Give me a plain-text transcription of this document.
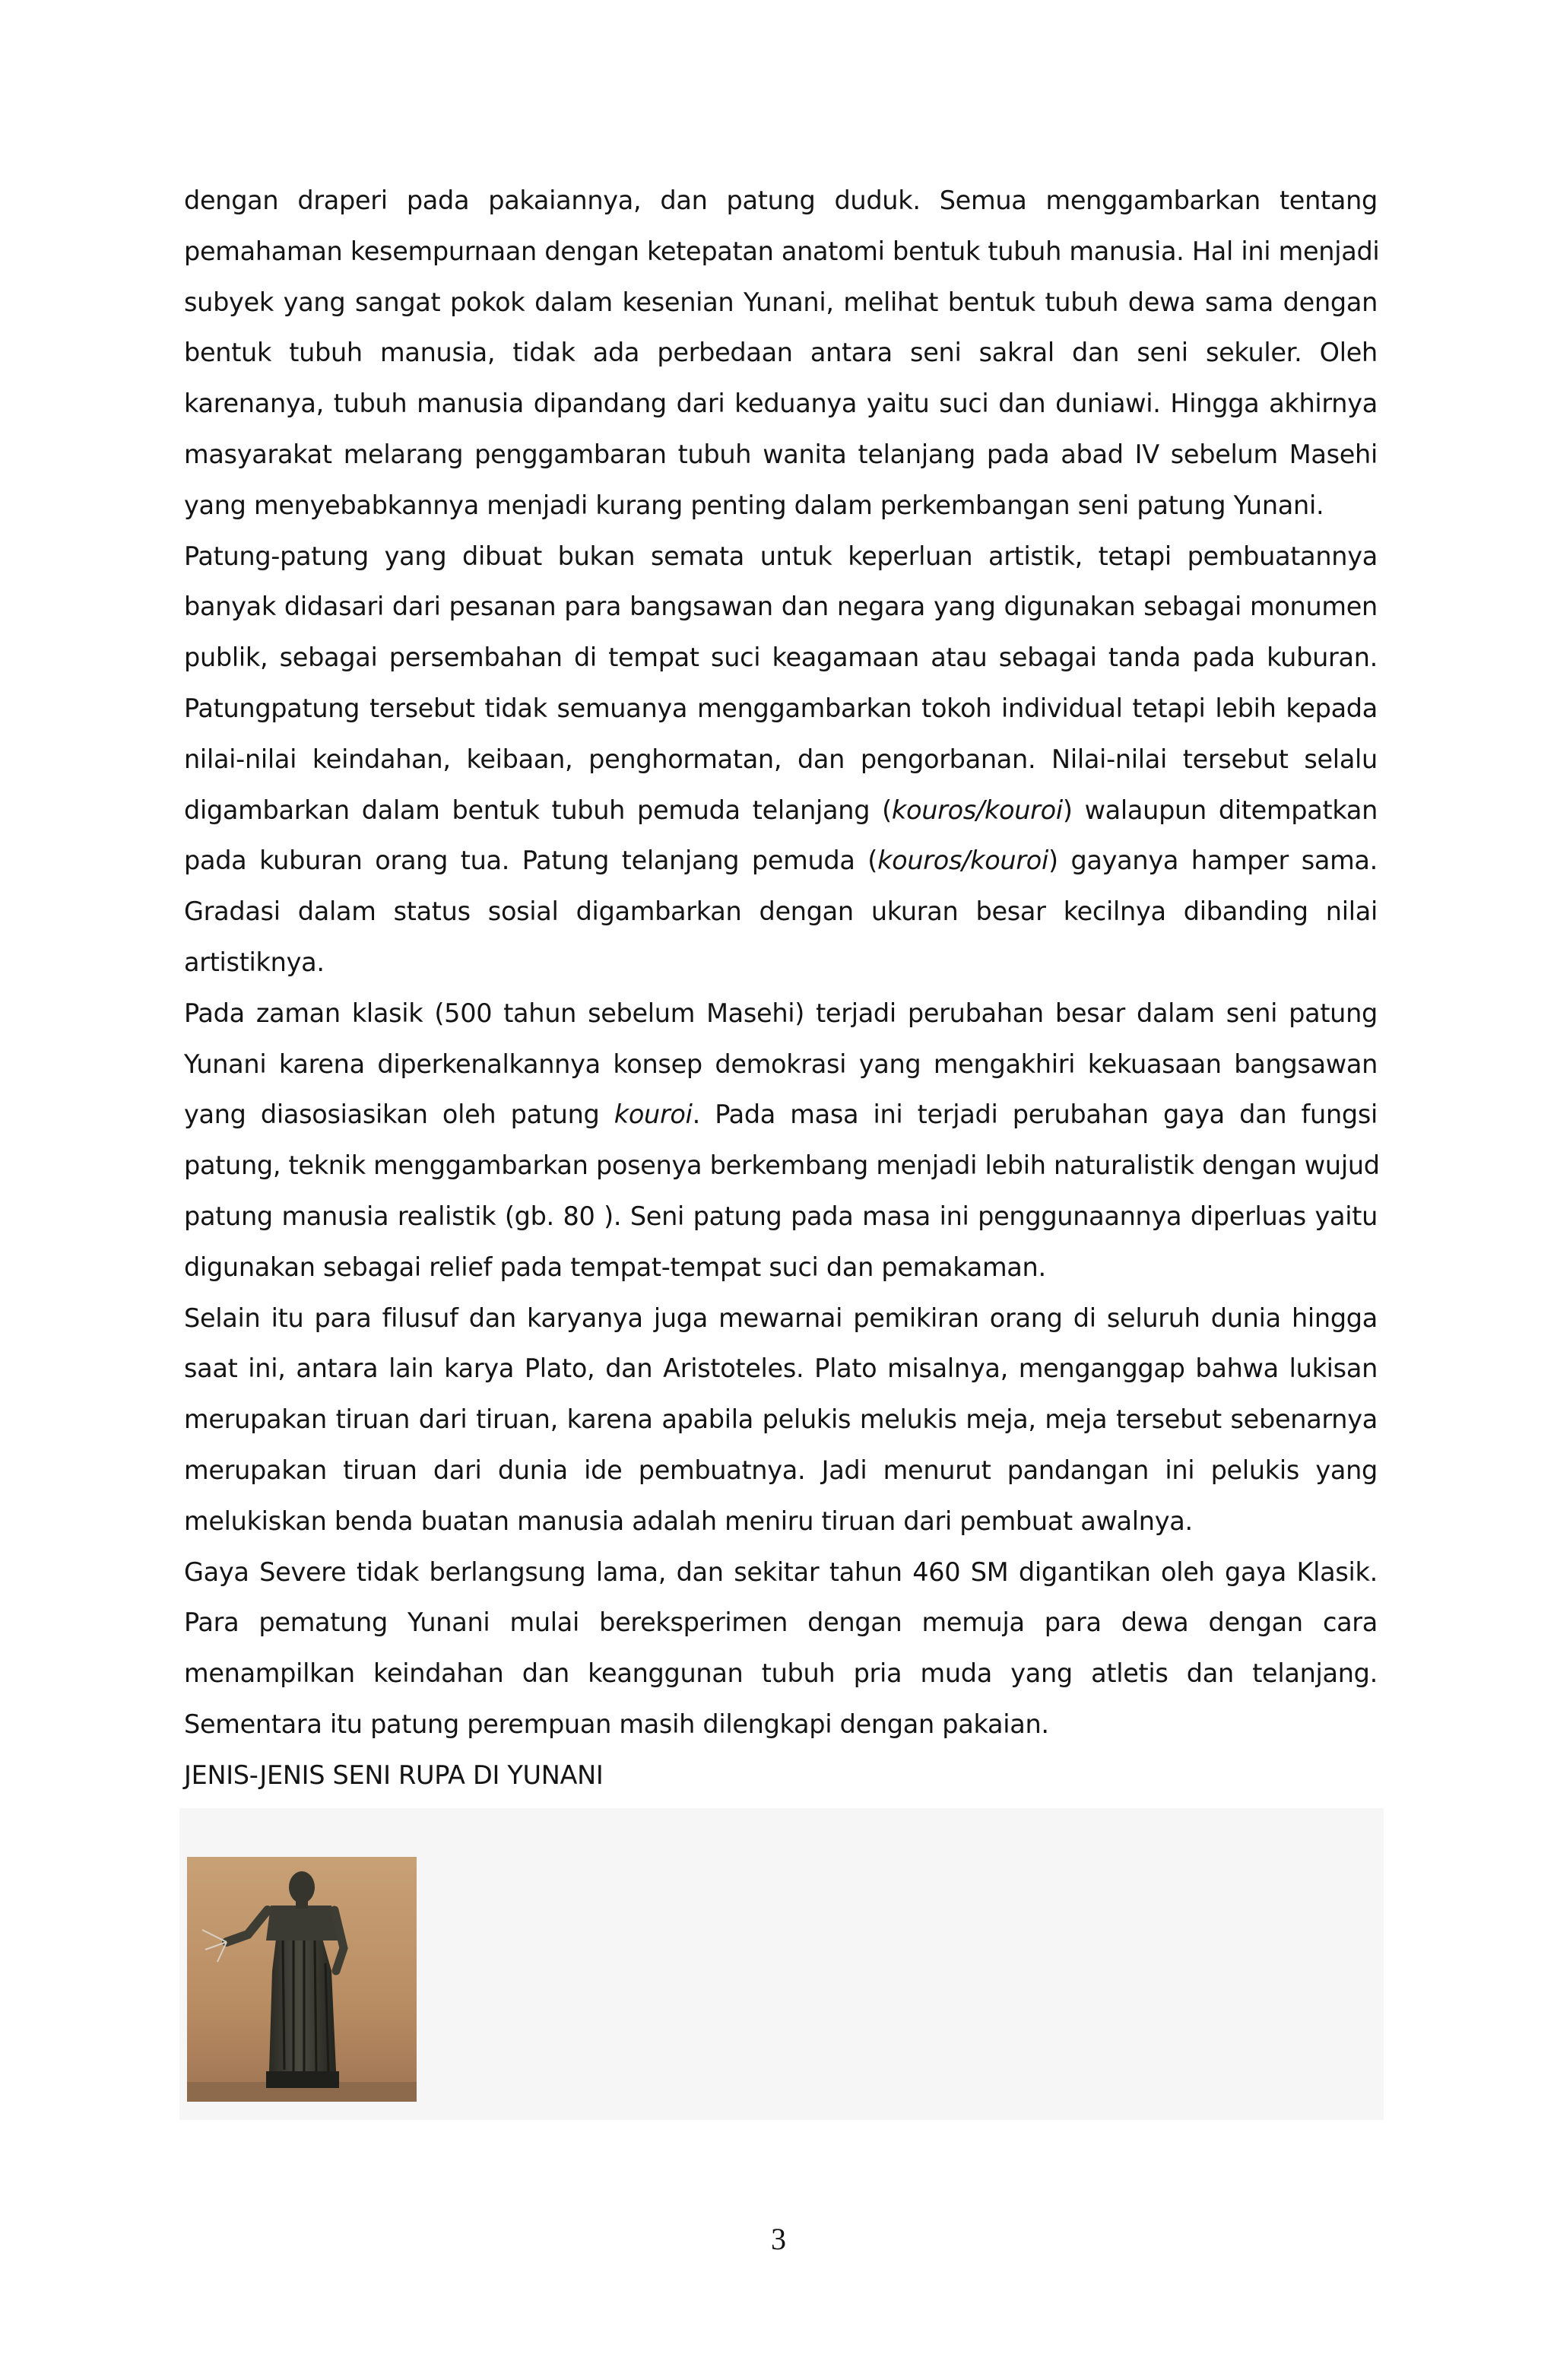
dengan draperi pada pakaiannya, dan patung duduk. Semua menggambarkan tentang
pemahaman kesempurnaan dengan ketepatan anatomi bentuk tubuh manusia. Hal ini menjadi
subyek yang sangat pokok dalam kesenian Yunani, melihat bentuk tubuh dewa sama dengan
bentuk tubuh manusia, tidak ada perbedaan antara seni sakral dan seni sekuler. Oleh
karenanya, tubuh manusia dipandang dari keduanya yaitu suci dan duniawi. Hingga akhirnya
masyarakat melarang penggambaran tubuh wanita telanjang pada abad IV sebelum Masehi
yang menyebabkannya menjadi kurang penting dalam perkembangan seni patung Yunani.
Patung-patung yang dibuat bukan semata untuk keperluan artistik, tetapi pembuatannya
banyak didasari dari pesanan para bangsawan dan negara yang digunakan sebagai monumen
publik, sebagai persembahan di tempat suci keagamaan atau sebagai tanda pada kuburan.
Patungpatung tersebut tidak semuanya menggambarkan tokoh individual tetapi lebih kepada
nilai-nilai keindahan, keibaan, penghormatan, dan pengorbanan. Nilai-nilai tersebut selalu
digambarkan dalam bentuk tubuh pemuda telanjang (kouros/kouroi) walaupun ditempatkan
pada kuburan orang tua. Patung telanjang pemuda (kouros/kouroi) gayanya hamper sama.
Gradasi dalam status sosial digambarkan dengan ukuran besar kecilnya dibanding nilai
artistiknya.
Pada zaman klasik (500 tahun sebelum Masehi) terjadi perubahan besar dalam seni patung
Yunani karena diperkenalkannya konsep demokrasi yang mengakhiri kekuasaan bangsawan
yang diasosiasikan oleh patung kouroi. Pada masa ini terjadi perubahan gaya dan fungsi
patung, teknik menggambarkan posenya berkembang menjadi lebih naturalistik dengan wujud
patung manusia realistik (gb. 80 ). Seni patung pada masa ini penggunaannya diperluas yaitu
digunakan sebagai relief pada tempat-tempat suci dan pemakaman.
Selain itu para filusuf dan karyanya juga mewarnai pemikiran orang di seluruh dunia hingga
saat ini, antara lain karya Plato, dan Aristoteles. Plato misalnya, menganggap bahwa lukisan
merupakan tiruan dari tiruan, karena apabila pelukis melukis meja, meja tersebut sebenarnya
merupakan tiruan dari dunia ide pembuatnya. Jadi menurut pandangan ini pelukis yang
melukiskan benda buatan manusia adalah meniru tiruan dari pembuat awalnya.
Gaya Severe tidak berlangsung lama, dan sekitar tahun 460 SM digantikan oleh gaya Klasik.
Para pematung Yunani mulai bereksperimen dengan memuja para dewa dengan cara
menampilkan keindahan dan keanggunan tubuh pria muda yang atletis dan telanjang.
Sementara itu patung perempuan masih dilengkapi dengan pakaian.
JENIS-JENIS SENI RUPA DI YUNANI
3
